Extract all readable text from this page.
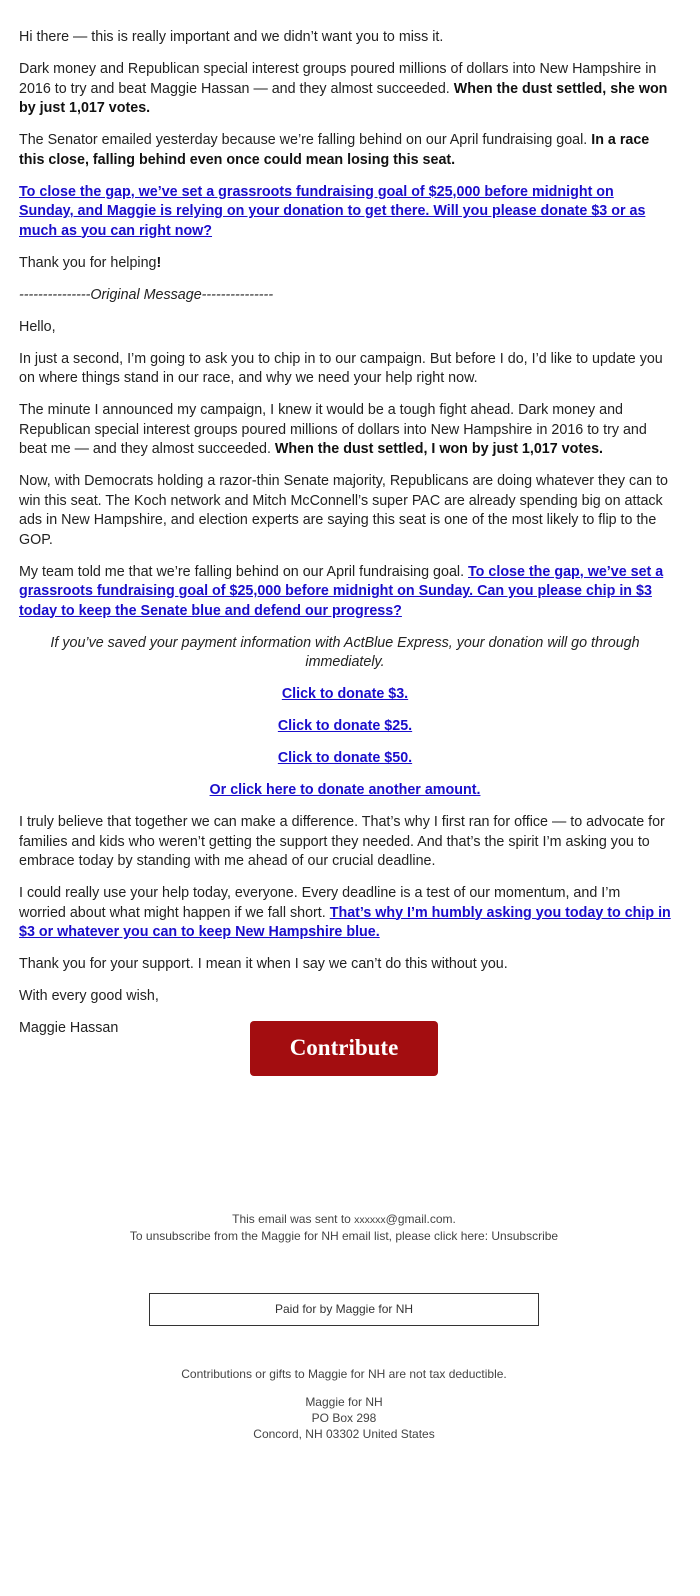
Hi there — this is really important and we didn’t want you to miss it.

Dark money and Republican special interest groups poured millions of dollars into New Hampshire in 2016 to try and beat Maggie Hassan — and they almost succeeded. When the dust settled, she won by just 1,017 votes.

The Senator emailed yesterday because we’re falling behind on our April fundraising goal. In a race this close, falling behind even once could mean losing this seat.

To close the gap, we’ve set a grassroots fundraising goal of $25,000 before midnight on Sunday, and Maggie is relying on your donation to get there. Will you please donate $3 or as much as you can right now?

Thank you for helping!

---------------Original Message---------------

Hello,

In just a second, I’m going to ask you to chip in to our campaign. But before I do, I’d like to update you on where things stand in our race, and why we need your help right now.

The minute I announced my campaign, I knew it would be a tough fight ahead. Dark money and Republican special interest groups poured millions of dollars into New Hampshire in 2016 to try and beat me — and they almost succeeded. When the dust settled, I won by just 1,017 votes.

Now, with Democrats holding a razor-thin Senate majority, Republicans are doing whatever they can to win this seat. The Koch network and Mitch McConnell’s super PAC are already spending big on attack ads in New Hampshire, and election experts are saying this seat is one of the most likely to flip to the GOP.

My team told me that we’re falling behind on our April fundraising goal. To close the gap, we’ve set a grassroots fundraising goal of $25,000 before midnight on Sunday. Can you please chip in $3 today to keep the Senate blue and defend our progress?

If you’ve saved your payment information with ActBlue Express, your donation will go through immediately.

Click to donate $3.

Click to donate $25.

Click to donate $50.

Or click here to donate another amount.

I truly believe that together we can make a difference. That’s why I first ran for office — to advocate for families and kids who weren’t getting the support they needed. And that’s the spirit I’m asking you to embrace today by standing with me ahead of our crucial deadline.

I could really use your help today, everyone. Every deadline is a test of our momentum, and I’m worried about what might happen if we fall short. That’s why I’m humbly asking you today to chip in $3 or whatever you can to keep New Hampshire blue.

Thank you for your support. I mean it when I say we can’t do this without you.

With every good wish,

Maggie Hassan

Contribute
This email was sent to xxxxxx@gmail.com.
To unsubscribe from the Maggie for NH email list, please click here: Unsubscribe
Paid for by Maggie for NH
Contributions or gifts to Maggie for NH are not tax deductible.
Maggie for NH
PO Box 298
Concord, NH 03302 United States
